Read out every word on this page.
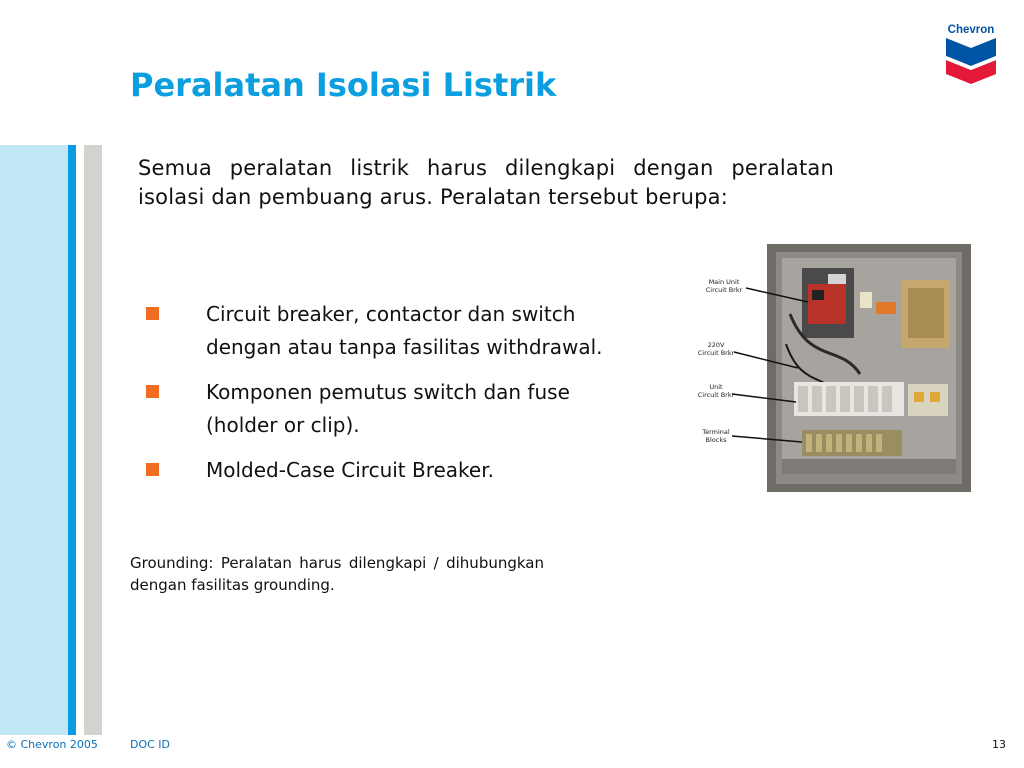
Peralatan Isolasi Listrik
Chevron
Semua peralatan listrik harus dilengkapi dengan peralatan isolasi dan pembuang arus. Peralatan tersebut berupa:
Circuit breaker, contactor dan switch
dengan atau tanpa fasilitas withdrawal.
Komponen pemutus switch dan fuse
(holder or clip).
Molded-Case Circuit Breaker.
Main Unit
Circuit Brkr
220V
Circuit Brkr
Unit
Circuit Brkr
Terminal
Blocks
Grounding: Peralatan harus dilengkapi / dihubungkan dengan fasilitas grounding.
© Chevron 2005	DOC ID	13
